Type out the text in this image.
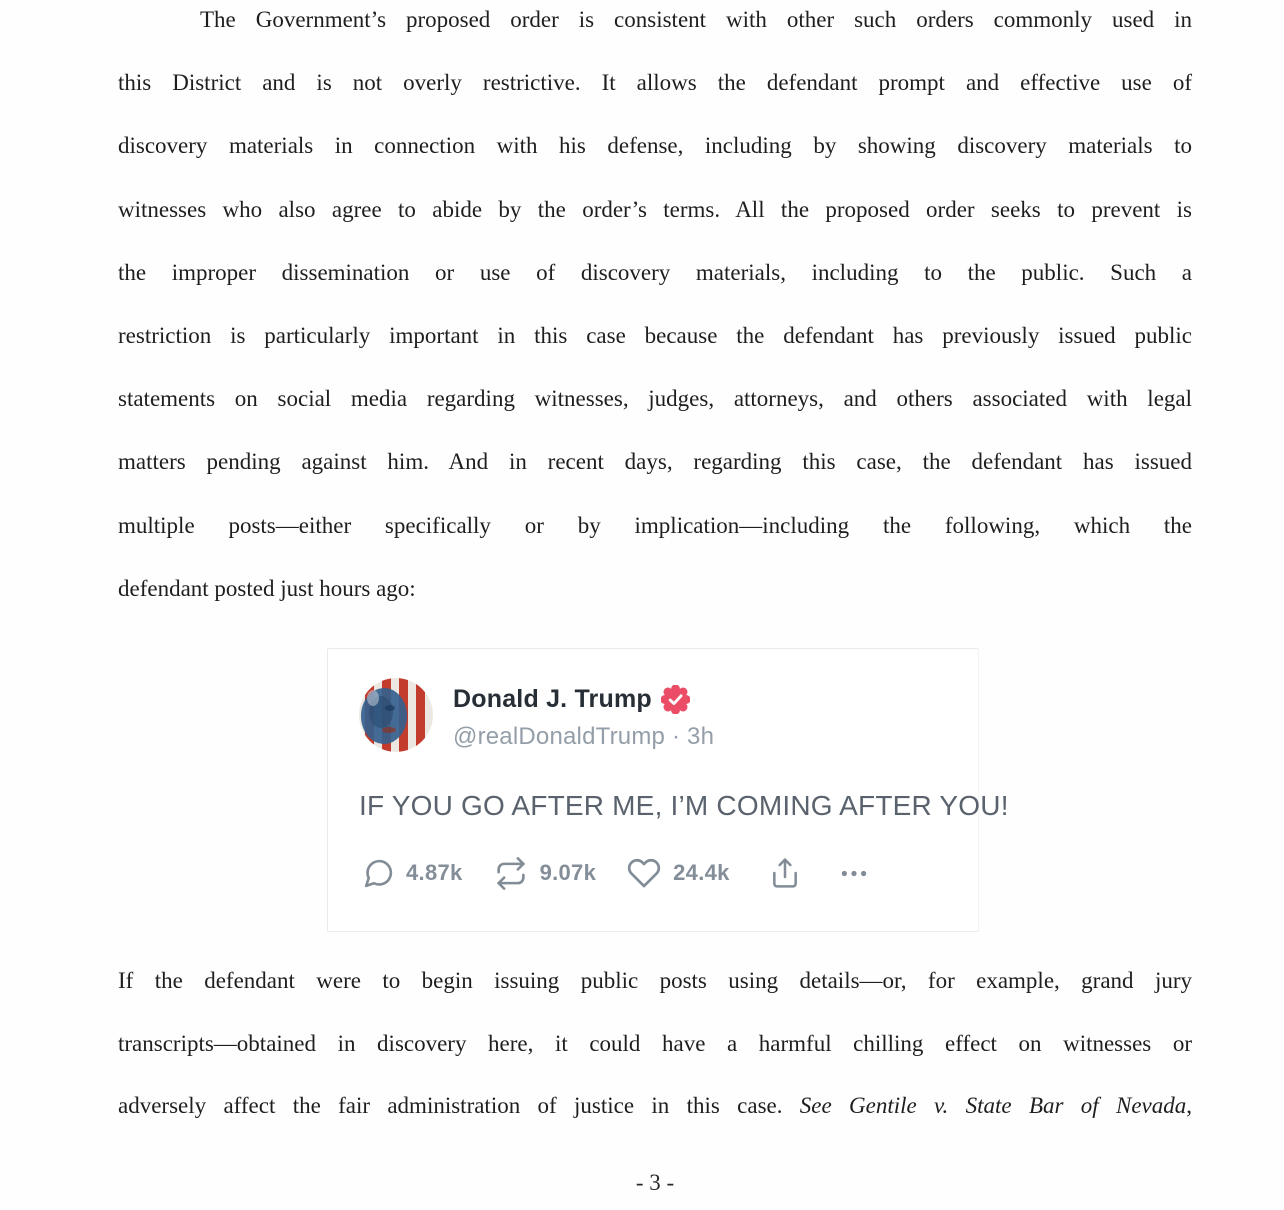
The Government’s proposed order is consistent with other such orders commonly used in
this District and is not overly restrictive. It allows the defendant prompt and effective use of
discovery materials in connection with his defense, including by showing discovery materials to
witnesses who also agree to abide by the order’s terms. All the proposed order seeks to prevent is
the improper dissemination or use of discovery materials, including to the public. Such a
restriction is particularly important in this case because the defendant has previously issued public
statements on social media regarding witnesses, judges, attorneys, and others associated with legal
matters pending against him. And in recent days, regarding this case, the defendant has issued
multiple posts—either specifically or by implication—including the following, which the
defendant posted just hours ago:
Donald J. Trump
@realDonaldTrump · 3h
IF YOU GO AFTER ME, I’M COMING AFTER YOU!
4.87k	9.07k	24.4k
If the defendant were to begin issuing public posts using details—or, for example, grand jury
transcripts—obtained in discovery here, it could have a harmful chilling effect on witnesses or
adversely affect the fair administration of justice in this case. See Gentile v. State Bar of Nevada,
- 3 -
